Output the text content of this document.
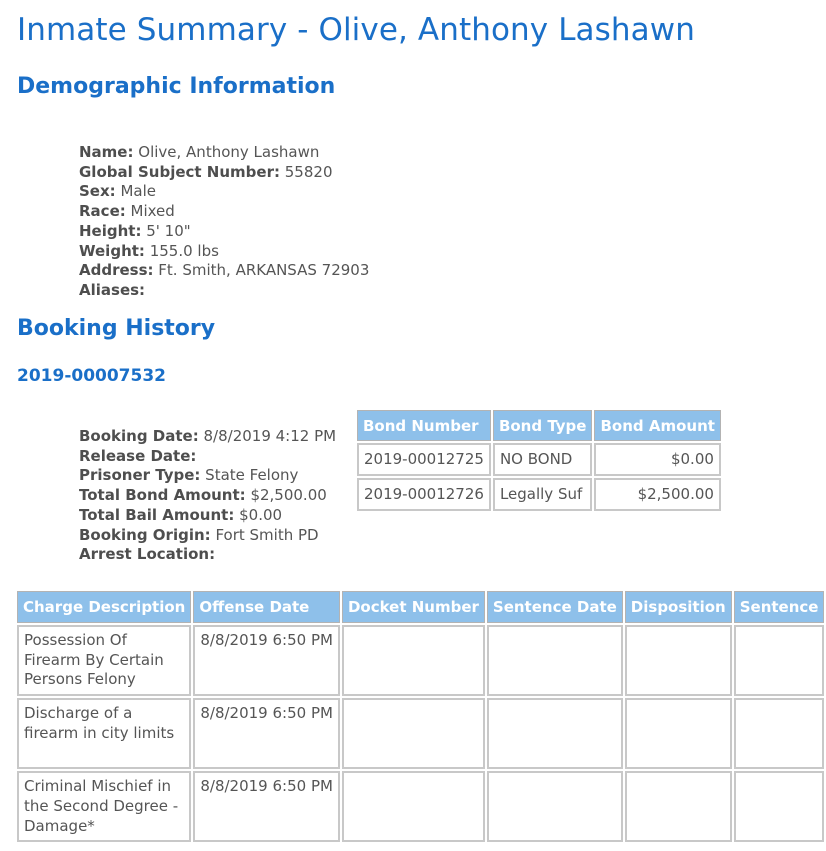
Inmate Summary - Olive, Anthony Lashawn
Demographic Information
Name: Olive, Anthony Lashawn
Global Subject Number: 55820
Sex: Male
Race: Mixed
Height: 5' 10"
Weight: 155.0 lbs
Address: Ft. Smith, ARKANSAS 72903
Aliases:
Booking History
2019-00007532
Booking Date: 8/8/2019 4:12 PM
Release Date:
Prisoner Type: State Felony
Total Bond Amount: $2,500.00
Total Bail Amount: $0.00
Booking Origin: Fort Smith PD
Arrest Location:
Bond Number	Bond Type	Bond Amount
2019-00012725	NO BOND	$0.00
2019-00012726	Legally Suf	$2,500.00
Charge Description	Offense Date	Docket Number	Sentence Date	Disposition	Sentence
Possession Of Firearm By Certain Persons Felony	8/8/2019 6:50 PM				
Discharge of a firearm in city limits	8/8/2019 6:50 PM				
Criminal Mischief in the Second Degree - Damage*	8/8/2019 6:50 PM				
